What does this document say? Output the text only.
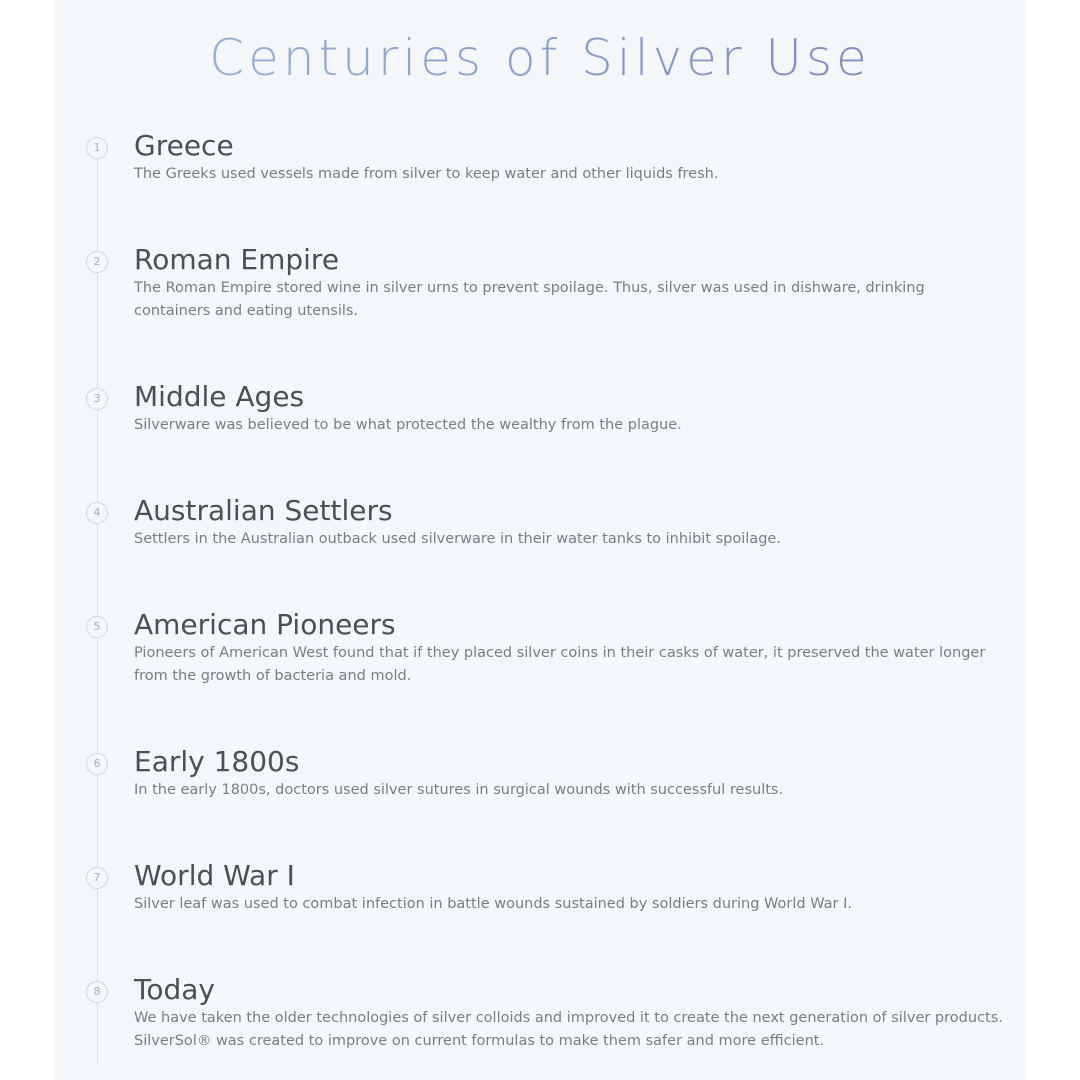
Centuries of Silver Use
1 Greece

The Greeks used vessels made from silver to keep water and other liquids fresh.

2 Roman Empire

The Roman Empire stored wine in silver urns to prevent spoilage. Thus, silver was used in dishware, drinking containers and eating utensils.

3 Middle Ages

Silverware was believed to be what protected the wealthy from the plague.

4 Australian Settlers

Settlers in the Australian outback used silverware in their water tanks to inhibit spoilage.

5 American Pioneers

Pioneers of American West found that if they placed silver coins in their casks of water, it preserved the water longer from the growth of bacteria and mold.

6 Early 1800s

In the early 1800s, doctors used silver sutures in surgical wounds with successful results.

7 World War I

Silver leaf was used to combat infection in battle wounds sustained by soldiers during World War I.

8 Today

We have taken the older technologies of silver colloids and improved it to create the next generation of silver products. SilverSol® was created to improve on current formulas to make them safer and more efficient.
